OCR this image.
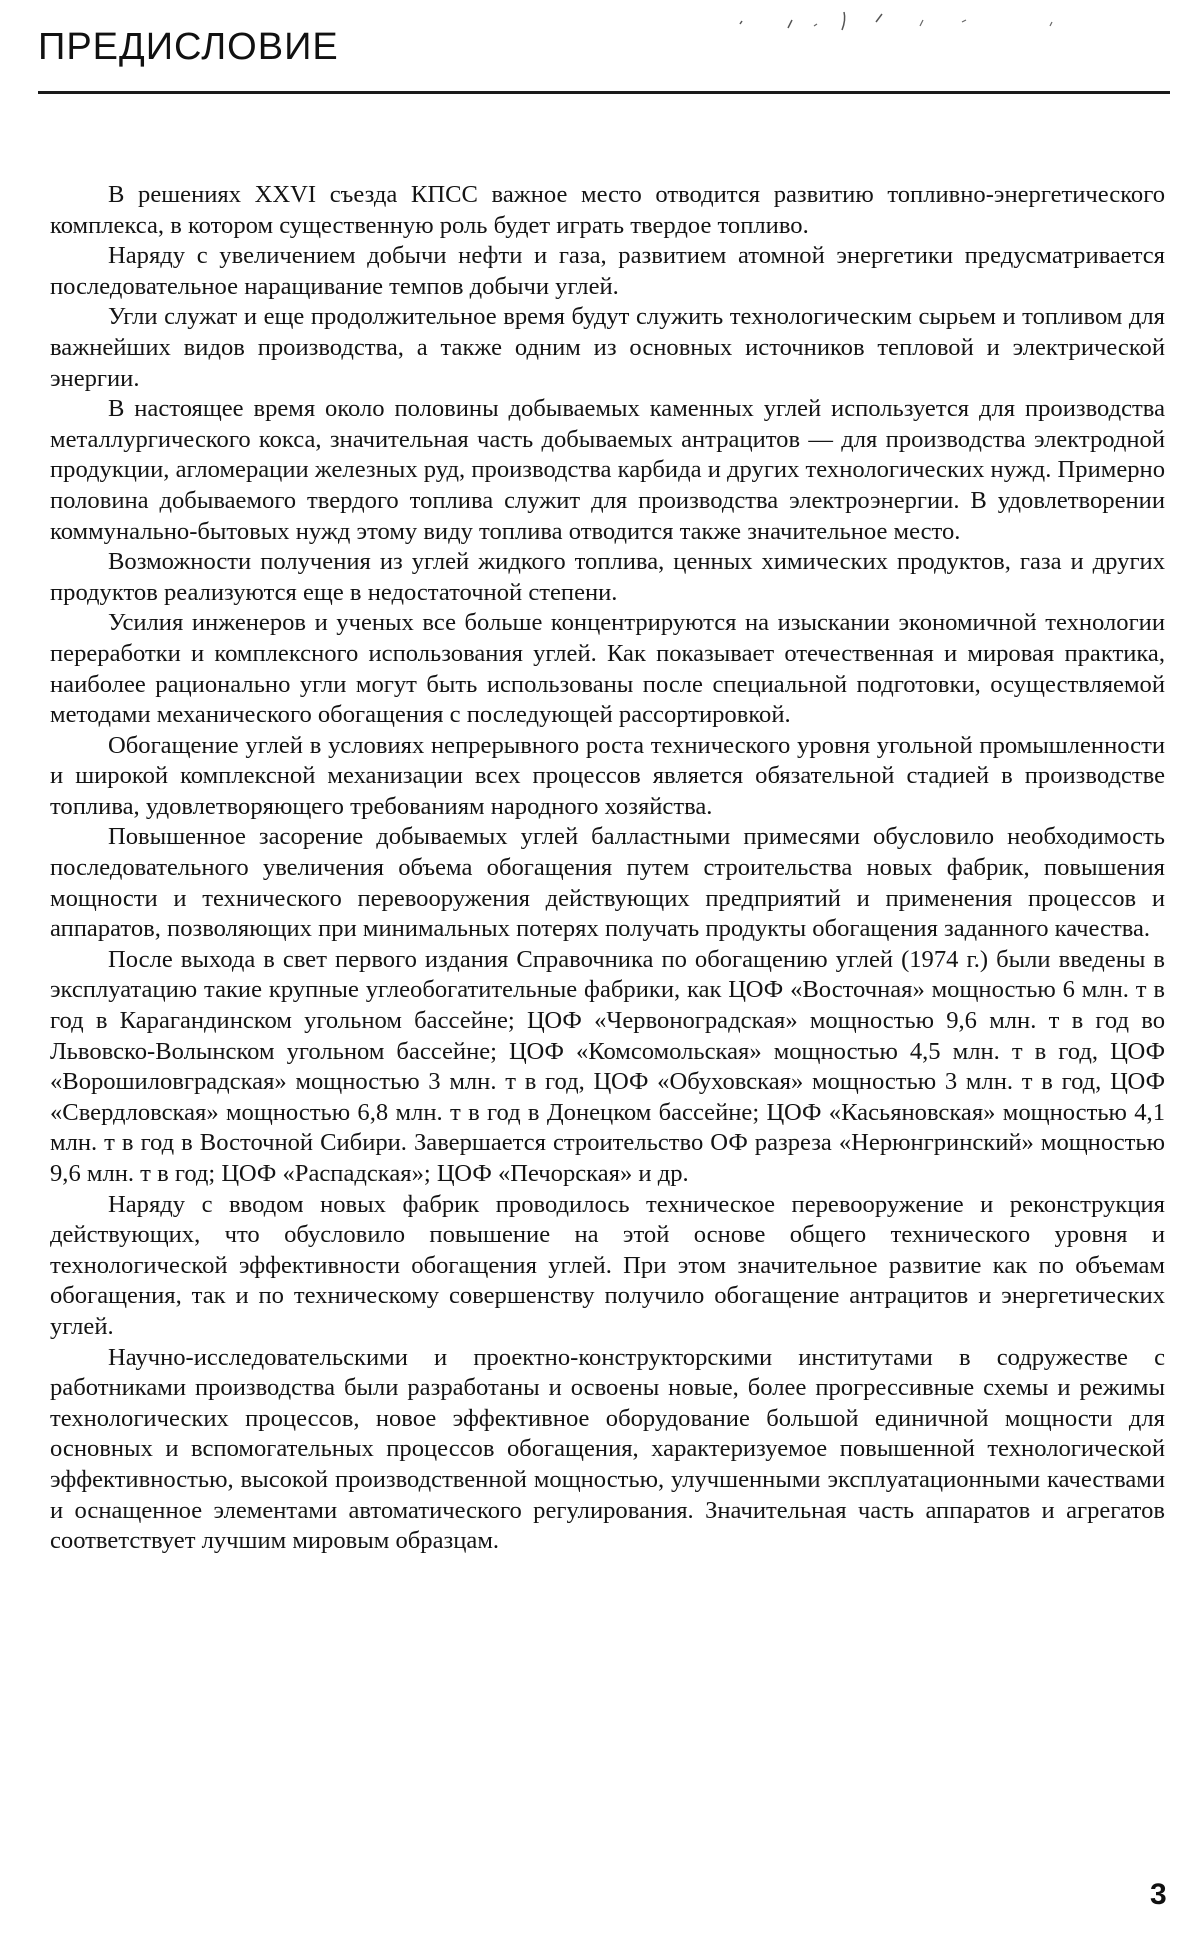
ПРЕДИСЛОВИЕ

В решениях XXVI съезда КПСС важное место отводится развитию топливно-энергетического комплекса, в котором существенную роль будет играть твердое топливо.

Наряду с увеличением добычи нефти и газа, развитием атомной энергетики предусматривается последовательное наращивание темпов добычи углей.

Угли служат и еще продолжительное время будут служить технологическим сырьем и топливом для важнейших видов производства, а также одним из основных источников тепловой и электрической энергии.

В настоящее время около половины добываемых каменных углей используется для производства металлургического кокса, значительная часть добываемых антрацитов — для производства электродной продукции, агломерации железных руд, производства карбида и других технологических нужд. Примерно половина добываемого твердого топлива служит для производства электроэнергии. В удовлетворении коммунально-бытовых нужд этому виду топлива отводится также значительное место.

Возможности получения из углей жидкого топлива, ценных химических продуктов, газа и других продуктов реализуются еще в недостаточной степени.

Усилия инженеров и ученых все больше концентрируются на изыскании экономичной технологии переработки и комплексного использования углей. Как показывает отечественная и мировая практика, наиболее рационально угли могут быть использованы после специальной подготовки, осуществляемой методами механического обогащения с последующей рассортировкой.

Обогащение углей в условиях непрерывного роста технического уровня угольной промышленности и широкой комплексной механизации всех процессов является обязательной стадией в производстве топлива, удовлетворяющего требованиям народного хозяйства.

Повышенное засорение добываемых углей балластными примесями обусловило необходимость последовательного увеличения объема обогащения путем строительства новых фабрик, повышения мощности и технического перевооружения действующих предприятий и применения процессов и аппаратов, позволяющих при минимальных потерях получать продукты обогащения заданного качества.

После выхода в свет первого издания Справочника по обогащению углей (1974 г.) были введены в эксплуатацию такие крупные углеобогатительные фабрики, как ЦОФ «Восточная» мощностью 6 млн. т в год в Карагандинском угольном бассейне; ЦОФ «Червоноградская» мощностью 9,6 млн. т в год во Львовско-Волынском угольном бассейне; ЦОФ «Комсомольская» мощностью 4,5 млн. т в год, ЦОФ «Ворошиловградская» мощностью 3 млн. т в год, ЦОФ «Обуховская» мощностью 3 млн. т в год, ЦОФ «Свердловская» мощностью 6,8 млн. т в год в Донецком бассейне; ЦОФ «Касьяновская» мощностью 4,1 млн. т в год в Восточной Сибири. Завершается строительство ОФ разреза «Нерюнгринский» мощностью 9,6 млн. т в год; ЦОФ «Распадская»; ЦОФ «Печорская» и др.

Наряду с вводом новых фабрик проводилось техническое перевооружение и реконструкция действующих, что обусловило повышение на этой основе общего технического уровня и технологической эффективности обогащения углей. При этом значительное развитие как по объемам обогащения, так и по техническому совершенству получило обогащение антрацитов и энергетических углей.

Научно-исследовательскими и проектно-конструкторскими институтами в содружестве с работниками производства были разработаны и освоены новые, более прогрессивные схемы и режимы технологических процессов, новое эффективное оборудование большой единичной мощности для основных и вспомогательных процессов обогащения, характеризуемое повышенной технологической эффективностью, высокой производственной мощностью, улучшенными эксплуатационными качествами и оснащенное элементами автоматического регулирования. Значительная часть аппаратов и агрегатов соответствует лучшим мировым образцам.

3
